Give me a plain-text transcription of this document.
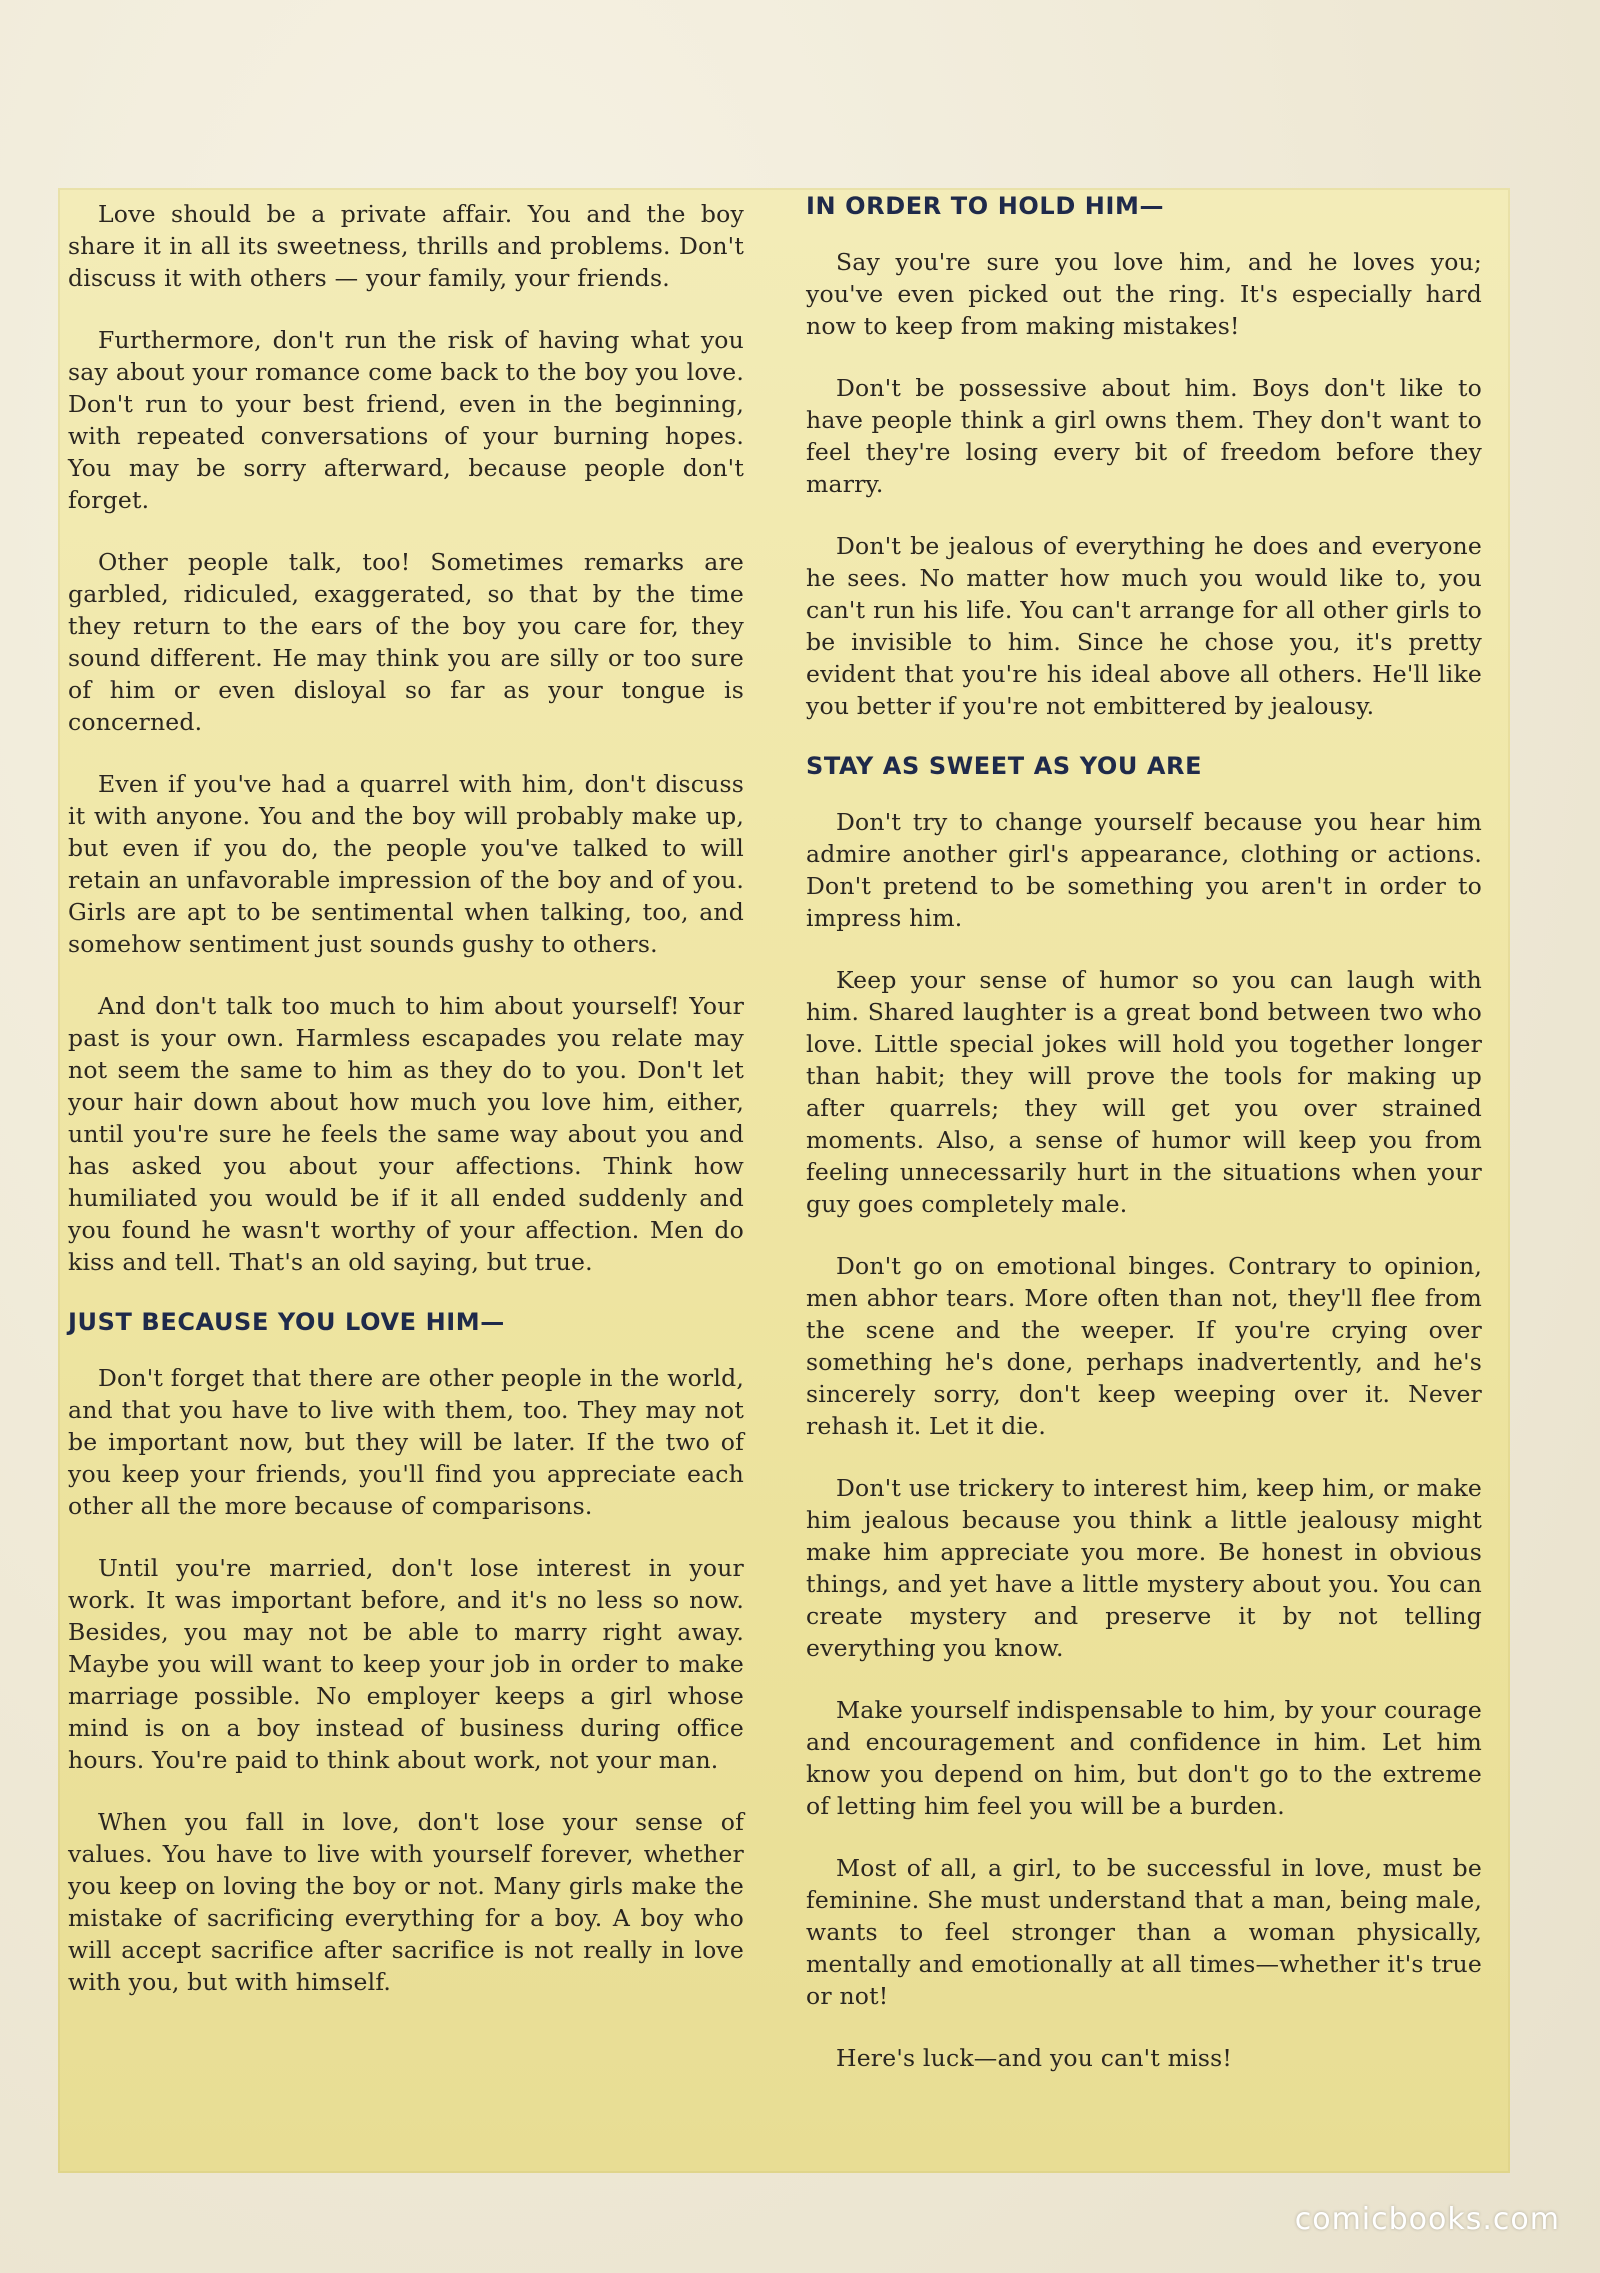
Love should be a private affair. You and the boy share it in all its sweetness, thrills and problems. Don't discuss it with others — your family, your friends.

Furthermore, don't run the risk of having what you say about your romance come back to the boy you love. Don't run to your best friend, even in the beginning, with repeated conversations of your burning hopes. You may be sorry afterward, because people don't forget.

Other people talk, too! Sometimes remarks are garbled, ridiculed, exaggerated, so that by the time they return to the ears of the boy you care for, they sound different. He may think you are silly or too sure of him or even disloyal so far as your tongue is concerned.

Even if you've had a quarrel with him, don't discuss it with anyone. You and the boy will probably make up, but even if you do, the people you've talked to will retain an unfavorable impression of the boy and of you. Girls are apt to be sentimental when talking, too, and somehow sentiment just sounds gushy to others.

And don't talk too much to him about yourself! Your past is your own. Harmless escapades you relate may not seem the same to him as they do to you. Don't let your hair down about how much you love him, either, until you're sure he feels the same way about you and has asked you about your affections. Think how humiliated you would be if it all ended suddenly and you found he wasn't worthy of your affection. Men do kiss and tell. That's an old saying, but true.

JUST BECAUSE YOU LOVE HIM—

Don't forget that there are other people in the world, and that you have to live with them, too. They may not be important now, but they will be later. If the two of you keep your friends, you'll find you appreciate each other all the more because of comparisons.

Until you're married, don't lose interest in your work. It was important before, and it's no less so now. Besides, you may not be able to marry right away. Maybe you will want to keep your job in order to make marriage possible. No employer keeps a girl whose mind is on a boy instead of business during office hours. You're paid to think about work, not your man.

When you fall in love, don't lose your sense of values. You have to live with yourself forever, whether you keep on loving the boy or not. Many girls make the mistake of sacrificing everything for a boy. A boy who will accept sacrifice after sacrifice is not really in love with you, but with himself.

IN ORDER TO HOLD HIM—

Say you're sure you love him, and he loves you; you've even picked out the ring. It's especially hard now to keep from making mistakes!

Don't be possessive about him. Boys don't like to have people think a girl owns them. They don't want to feel they're losing every bit of freedom before they marry.

Don't be jealous of everything he does and everyone he sees. No matter how much you would like to, you can't run his life. You can't arrange for all other girls to be invisible to him. Since he chose you, it's pretty evident that you're his ideal above all others. He'll like you better if you're not embittered by jealousy.

STAY AS SWEET AS YOU ARE

Don't try to change yourself because you hear him admire another girl's appearance, clothing or actions. Don't pretend to be something you aren't in order to impress him.

Keep your sense of humor so you can laugh with him. Shared laughter is a great bond between two who love. Little special jokes will hold you together longer than habit; they will prove the tools for making up after quarrels; they will get you over strained moments. Also, a sense of humor will keep you from feeling unnecessarily hurt in the situations when your guy goes completely male.

Don't go on emotional binges. Contrary to opinion, men abhor tears. More often than not, they'll flee from the scene and the weeper. If you're crying over something he's done, perhaps inadvertently, and he's sincerely sorry, don't keep weeping over it. Never rehash it. Let it die.

Don't use trickery to interest him, keep him, or make him jealous because you think a little jealousy might make him appreciate you more. Be honest in obvious things, and yet have a little mystery about you. You can create mystery and preserve it by not telling everything you know.

Make yourself indispensable to him, by your courage and encouragement and confidence in him. Let him know you depend on him, but don't go to the extreme of letting him feel you will be a burden.

Most of all, a girl, to be successful in love, must be feminine. She must understand that a man, being male, wants to feel stronger than a woman physically, mentally and emotionally at all times—whether it's true or not!

Here's luck—and you can't miss!

comicbooks.com
